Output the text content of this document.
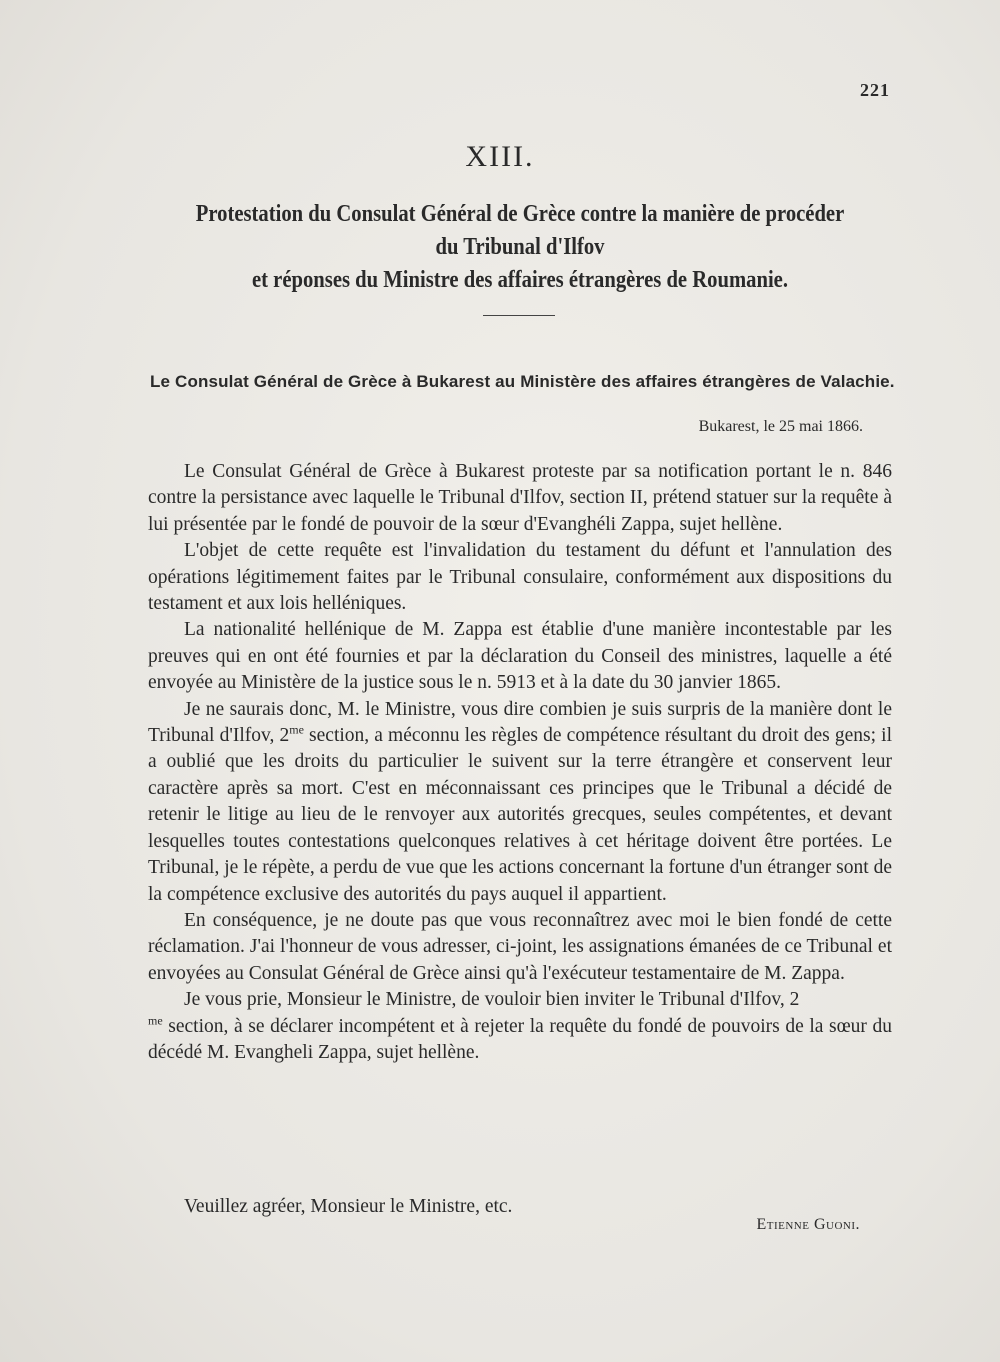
221
XIII.
Protestation du Consulat Général de Grèce contre la manière de procéder
du Tribunal d'Ilfov
et réponses du Ministre des affaires étrangères de Roumanie.
Le Consulat Général de Grèce à Bukarest au Ministère des affaires étrangères de Valachie.
Bukarest, le 25 mai 1866.

Le Consulat Général de Grèce à Bukarest proteste par sa notification portant le n. 846 contre la persistance avec laquelle le Tribunal d'Ilfov, section II, prétend statuer sur la requête à lui présentée par le fondé de pouvoir de la sœur d'Evanghéli Zappa, sujet hellène.

L'objet de cette requête est l'invalidation du testament du défunt et l'annulation des opérations légitimement faites par le Tribunal consulaire, conformément aux dispositions du testament et aux lois helléniques.

La nationalité hellénique de M. Zappa est établie d'une manière incontestable par les preuves qui en ont été fournies et par la déclaration du Conseil des ministres, laquelle a été envoyée au Ministère de la justice sous le n. 5913 et à la date du 30 janvier 1865.

Je ne saurais donc, M. le Ministre, vous dire combien je suis surpris de la manière dont le Tribunal d'Ilfov, $2^{me}$ section, a méconnu les règles de compétence résultant du droit des gens; il a oublié que les droits du particulier le suivent sur la terre étrangère et conservent leur caractère après sa mort. C'est en méconnaissant ces principes que le Tribunal a décidé de retenir le litige au lieu de le renvoyer aux autorités grecques, seules compétentes, et devant lesquelles toutes contestations quelconques relatives à cet héritage doivent être portées. Le Tribunal, je le répète, a perdu de vue que les actions concernant la fortune d'un étranger sont de la compétence exclusive des autorités du pays auquel il appartient.

En conséquence, je ne doute pas que vous reconnaîtrez avec moi le bien fondé de cette réclamation. J'ai l'honneur de vous adresser, ci-joint, les assignations émanées de ce Tribunal et envoyées au Consulat Général de Grèce ainsi qu'à l'exécuteur testamentaire de M. Zappa.

Je vous prie, Monsieur le Ministre, de vouloir bien inviter le Tribunal d'Ilfov, 2
$^{me}$ section, à se déclarer incompétent et à rejeter la requête du fondé de pouvoirs de la sœur du décédé M. Evangheli Zappa, sujet hellène.

Veuillez agréer, Monsieur le Ministre, etc.
Etienne Guoni.
